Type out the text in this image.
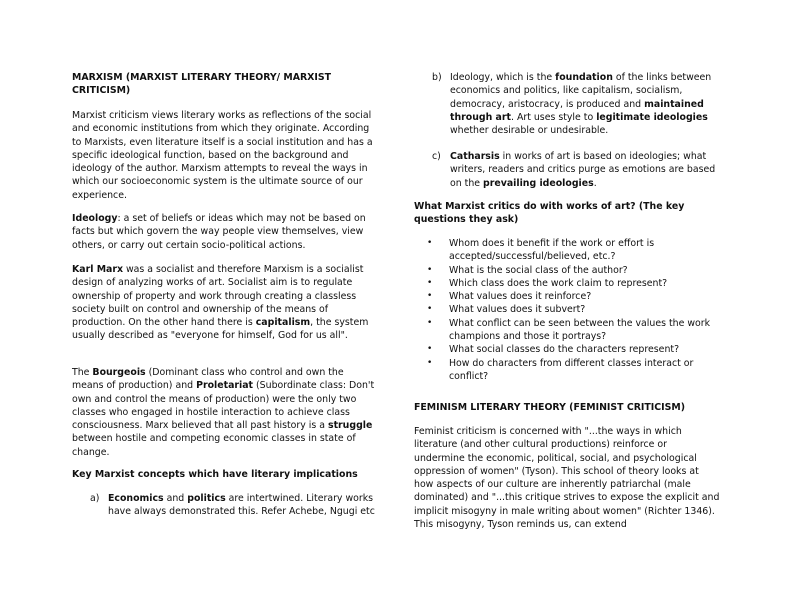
MARXISM (MARXIST LITERARY THEORY/ MARXIST CRITICISM)

Marxist criticism views literary works as reflections of the social and economic institutions from which they originate. According to Marxists, even literature itself is a social institution and has a specific ideological function, based on the background and ideology of the author. Marxism attempts to reveal the ways in which our socioeconomic system is the ultimate source of our experience.

Ideology: a set of beliefs or ideas which may not be based on facts but which govern the way people view themselves, view others, or carry out certain socio-political actions.

Karl Marx was a socialist and therefore Marxism is a socialist design of analyzing works of art. Socialist aim is to regulate ownership of property and work through creating a classless society built on control and ownership of the means of production. On the other hand there is capitalism, the system usually described as "everyone for himself, God for us all".

The Bourgeois (Dominant class who control and own the means of production) and Proletariat (Subordinate class: Don't own and control the means of production) were the only two classes who engaged in hostile interaction to achieve class consciousness. Marx believed that all past history is a struggle between hostile and competing economic classes in state of change.

Key Marxist concepts which have literary implications

a) Economics and politics are intertwined. Literary works have always demonstrated this. Refer Achebe, Ngugi etc

b) Ideology, which is the foundation of the links between economics and politics, like capitalism, socialism, democracy, aristocracy, is produced and maintained through art. Art uses style to legitimate ideologies whether desirable or undesirable.

c) Catharsis in works of art is based on ideologies; what writers, readers and critics purge as emotions are based on the prevailing ideologies.

What Marxist critics do with works of art? (The key questions they ask)

• Whom does it benefit if the work or effort is accepted/successful/believed, etc.?
• What is the social class of the author?
• Which class does the work claim to represent?
• What values does it reinforce?
• What values does it subvert?
• What conflict can be seen between the values the work champions and those it portrays?
• What social classes do the characters represent?
• How do characters from different classes interact or conflict?

FEMINISM LITERARY THEORY (FEMINIST CRITICISM)

Feminist criticism is concerned with "...the ways in which literature (and other cultural productions) reinforce or undermine the economic, political, social, and psychological oppression of women" (Tyson). This school of theory looks at how aspects of our culture are inherently patriarchal (male dominated) and "...this critique strives to expose the explicit and implicit misogyny in male writing about women" (Richter 1346). This misogyny, Tyson reminds us, can extend
